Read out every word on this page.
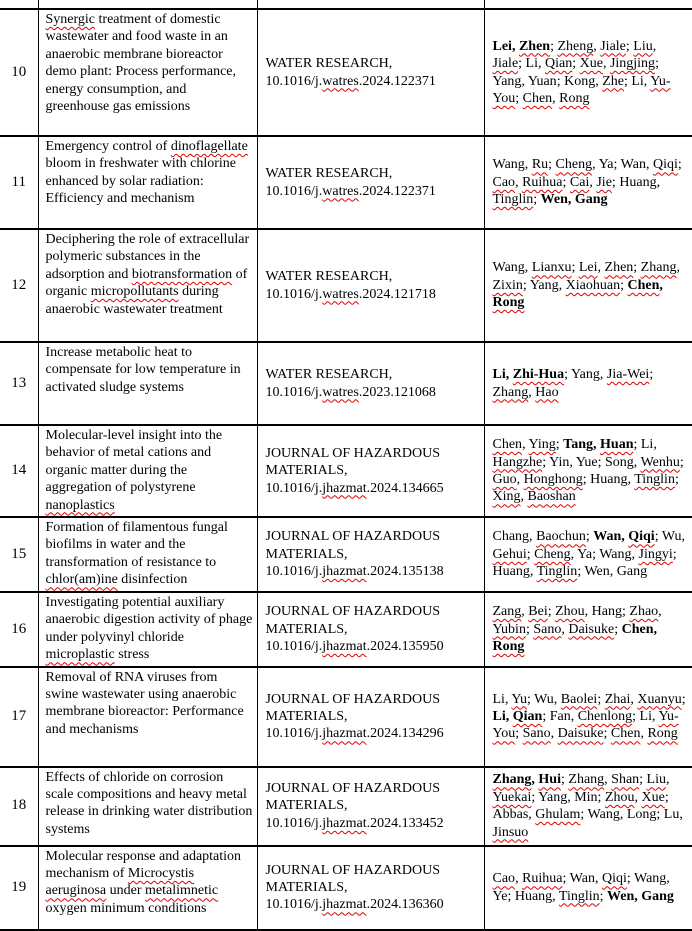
10	Synergic treatment of domestic wastewater and food waste in an anaerobic membrane bioreactor demo plant: Process performance, energy consumption, and greenhouse gas emissions	WATER RESEARCH, 10.1016/j.watres.2024.122371	Lei, Zhen; Zheng, Jiale; Liu, Jiale; Li, Qian; Xue, Jingjing; Yang, Yuan; Kong, Zhe; Li, Yu-You; Chen, Rong
11	Emergency control of dinoflagellate bloom in freshwater with chlorine enhanced by solar radiation: Efficiency and mechanism	WATER RESEARCH, 10.1016/j.watres.2024.122371	Wang, Ru; Cheng, Ya; Wan, Qiqi; Cao, Ruihua; Cai, Jie; Huang, Tinglin; Wen, Gang
12	Deciphering the role of extracellular polymeric substances in the adsorption and biotransformation of organic micropollutants during anaerobic wastewater treatment	WATER RESEARCH, 10.1016/j.watres.2024.121718	Wang, Lianxu; Lei, Zhen; Zhang, Zixin; Yang, Xiaohuan; Chen, Rong
13	Increase metabolic heat to compensate for low temperature in activated sludge systems	WATER RESEARCH, 10.1016/j.watres.2023.121068	Li, Zhi-Hua; Yang, Jia-Wei; Zhang, Hao
14	Molecular-level insight into the behavior of metal cations and organic matter during the aggregation of polystyrene nanoplastics	JOURNAL OF HAZARDOUS MATERIALS, 10.1016/j.jhazmat.2024.134665	Chen, Ying; Tang, Huan; Li, Hangzhe; Yin, Yue; Song, Wenhu; Guo, Honghong; Huang, Tinglin; Xing, Baoshan
15	Formation of filamentous fungal biofilms in water and the transformation of resistance to chlor(am)ine disinfection	JOURNAL OF HAZARDOUS MATERIALS, 10.1016/j.jhazmat.2024.135138	Chang, Baochun; Wan, Qiqi; Wu, Gehui; Cheng, Ya; Wang, Jingyi; Huang, Tinglin; Wen, Gang
16	Investigating potential auxiliary anaerobic digestion activity of phage under polyvinyl chloride microplastic stress	JOURNAL OF HAZARDOUS MATERIALS, 10.1016/j.jhazmat.2024.135950	Zang, Bei; Zhou, Hang; Zhao, Yubin; Sano, Daisuke; Chen, Rong
17	Removal of RNA viruses from swine wastewater using anaerobic membrane bioreactor: Performance and mechanisms	JOURNAL OF HAZARDOUS MATERIALS, 10.1016/j.jhazmat.2024.134296	Li, Yu; Wu, Baolei; Zhai, Xuanyu; Li, Qian; Fan, Chenlong; Li, Yu-You; Sano, Daisuke; Chen, Rong
18	Effects of chloride on corrosion scale compositions and heavy metal release in drinking water distribution systems	JOURNAL OF HAZARDOUS MATERIALS, 10.1016/j.jhazmat.2024.133452	Zhang, Hui; Zhang, Shan; Liu, Yuekai; Yang, Min; Zhou, Xue; Abbas, Ghulam; Wang, Long; Lu, Jinsuo
19	Molecular response and adaptation mechanism of Microcystis aeruginosa under metalimnetic oxygen minimum conditions	JOURNAL OF HAZARDOUS MATERIALS, 10.1016/j.jhazmat.2024.136360	Cao, Ruihua; Wan, Qiqi; Wang, Ye; Huang, Tinglin; Wen, Gang
